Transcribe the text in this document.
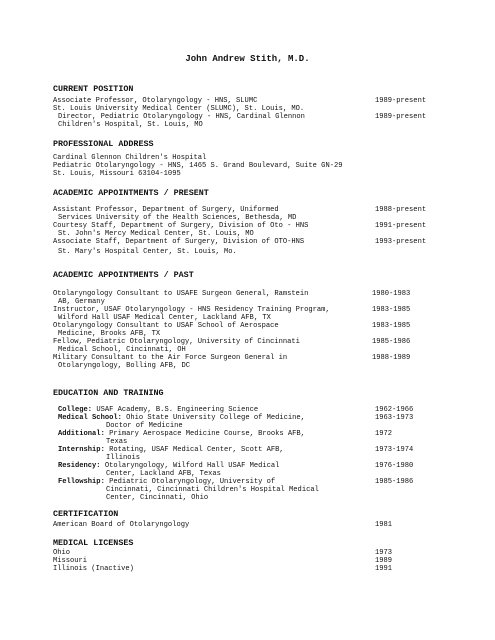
John Andrew Stith, M.D.
CURRENT POSITION
Associate Professor, Otolaryngology - HNS, SLUMC	1989-present
St. Louis University Medical Center (SLUMC), St. Louis, MO.
Director, Pediatric Otolaryngology - HNS, Cardinal Glennon	1989-present
Children's Hospital, St. Louis, MO
PROFESSIONAL ADDRESS
Cardinal Glennon Children's Hospital
Pediatric Otolaryngology - HNS, 1465 S. Grand Boulevard, Suite GN-29
St. Louis, Missouri 63104-1095
ACADEMIC APPOINTMENTS / PRESENT
Assistant Professor, Department of Surgery, Uniformed	1988-present
Services University of the Health Sciences, Bethesda, MD
Courtesy Staff, Department of Surgery, Division of Oto - HNS	1991-present
St. John's Mercy Medical Center, St. Louis, MO
Associate Staff, Department of Surgery, Division of OTO-HNS	1993-present
St. Mary's Hospital Center, St. Louis, Mo.
ACADEMIC APPOINTMENTS / PAST
Otolaryngology Consultant to USAFE Surgeon General, Ramstein	1980-1983
AB, Germany
Instructor, USAF Otolaryngology - HNS Residency Training Program,	1983-1985
Wilford Hall USAF Medical Center, Lackland AFB, TX
Otolaryngology Consultant to USAF School of Aerospace	1983-1985
Medicine, Brooks AFB, TX
Fellow, Pediatric Otolaryngology, University of Cincinnati	1985-1986
Medical School, Cincinnati, OH
Military Consultant to the Air Force Surgeon General in	1988-1989
Otolaryngology, Bolling AFB, DC
EDUCATION AND TRAINING
College: USAF Academy, B.S. Engineering Science	1962-1966
Medical School: Ohio State University College of Medicine,	1963-1973
Doctor of Medicine
Additional: Primary Aerospace Medicine Course, Brooks AFB,	1972
Texas
Internship: Rotating, USAF Medical Center, Scott AFB,	1973-1974
Illinois
Residency: Otolaryngology, Wilford Hall USAF Medical	1976-1980
Center, Lackland AFB, Texas
Fellowship: Pediatric Otolaryngology, University of	1985-1986
Cincinnati, Cincinnati Children's Hospital Medical
Center, Cincinnati, Ohio
CERTIFICATION
American Board of Otolaryngology	1981
MEDICAL LICENSES
Ohio	1973
Missouri	1989
Illinois (Inactive)	1991
